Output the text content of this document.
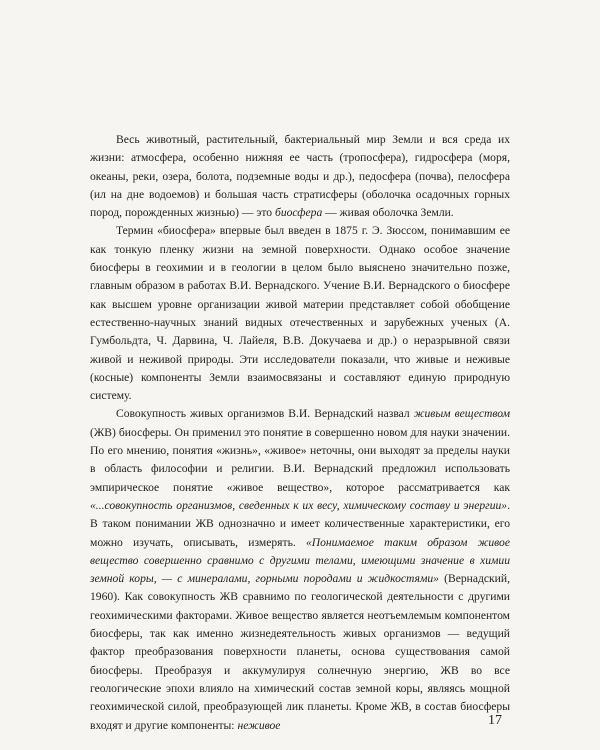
Весь животный, растительный, бактериальный мир Земли и вся среда их жизни: атмосфера, особенно нижняя ее часть (тропосфера), гидросфера (моря, океаны, реки, озера, болота, подземные воды и др.), педосфера (почва), пелосфера (ил на дне водоемов) и большая часть стратисферы (оболочка осадочных горных пород, порожденных жизнью) — это биосфера — живая оболочка Земли.

Термин «биосфера» впервые был введен в 1875 г. Э. Зюссом, понимавшим ее как тонкую пленку жизни на земной поверхности. Однако особое значение биосферы в геохимии и в геологии в целом было выяснено значительно позже, главным образом в работах В.И. Вернадского. Учение В.И. Вернадского о биосфере как высшем уровне организации живой материи представляет собой обобщение естественно-научных знаний видных отечественных и зарубежных ученых (А. Гумбольдта, Ч. Дарвина, Ч. Лайеля, В.В. Докучаева и др.) о неразрывной связи живой и неживой природы. Эти исследователи показали, что живые и неживые (косные) компоненты Земли взаимосвязаны и составляют единую природную систему.

Совокупность живых организмов В.И. Вернадский назвал живым веществом (ЖВ) биосферы. Он применил это понятие в совершенно новом для науки значении. По его мнению, понятия «жизнь», «живое» неточны, они выходят за пределы науки в область философии и религии. В.И. Вернадский предложил использовать эмпирическое понятие «живое вещество», которое рассматривается как «...совокупность организмов, сведенных к их весу, химическому составу и энергии». В таком понимании ЖВ однозначно и имеет количественные характеристики, его можно изучать, описывать, измерять. «Понимаемое таким образом живое вещество совершенно сравнимо с другими телами, имеющими значение в химии земной коры, — с минералами, горными породами и жидкостями» (Вернадский, 1960). Как совокупность ЖВ сравнимо по геологической деятельности с другими геохимическими факторами. Живое вещество является неотъемлемым компонентом биосферы, так как именно жизнедеятельность живых организмов — ведущий фактор преобразования поверхности планеты, основа существования самой биосферы. Преобразуя и аккумулируя солнечную энергию, ЖВ во все геологические эпохи влияло на химический состав земной коры, являясь мощной геохимической силой, преобразующей лик планеты. Кроме ЖВ, в состав биосферы входят и другие компоненты: неживое	17
